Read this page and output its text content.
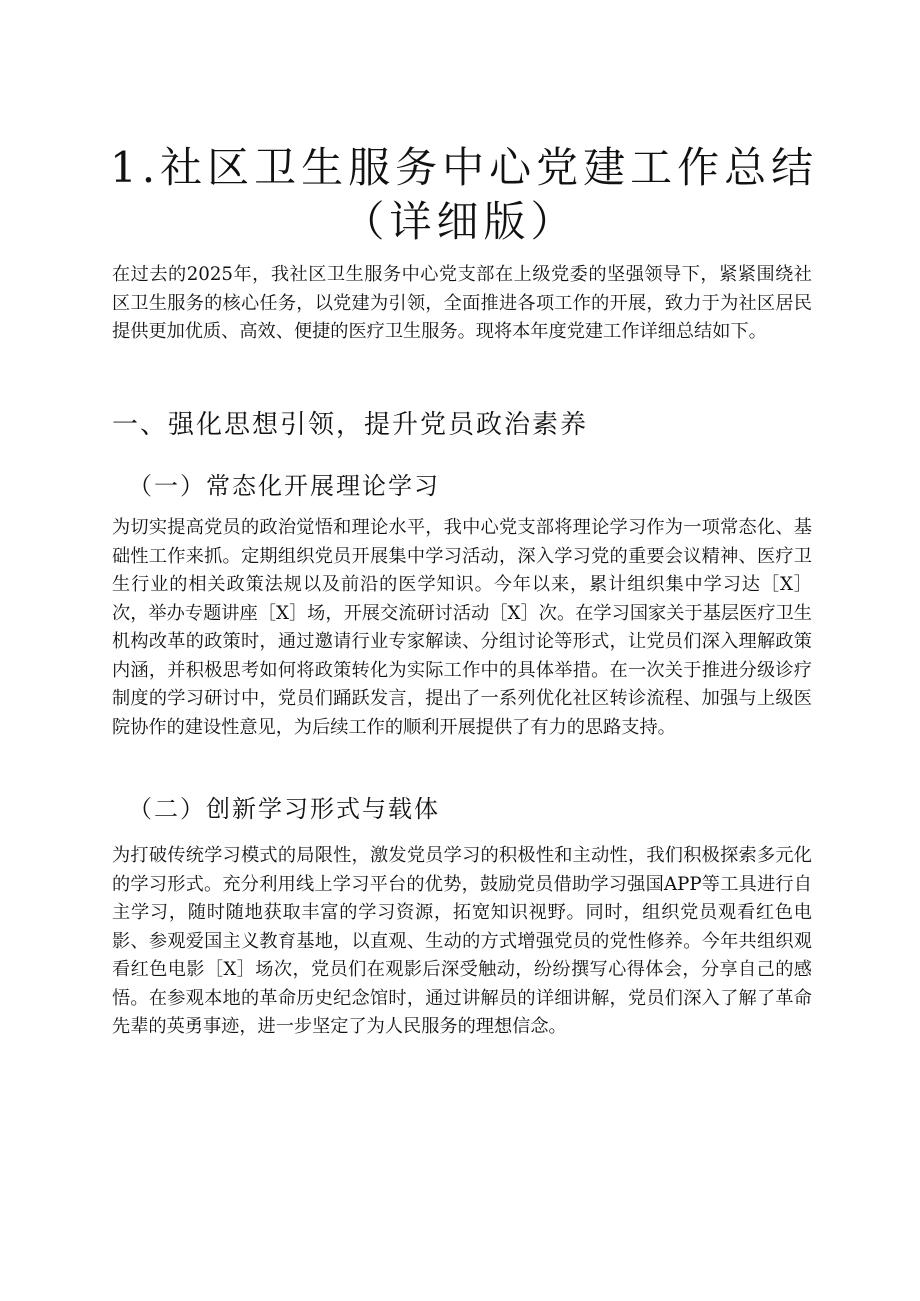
1.社区卫生服务中心党建工作总结
（详细版）

在过去的2025年，我社区卫生服务中心党支部在上级党委的坚强领导下，紧紧围绕社区卫生服务的核心任务，以党建为引领，全面推进各项工作的开展，致力于为社区居民提供更加优质、高效、便捷的医疗卫生服务。现将本年度党建工作详细总结如下。

一、强化思想引领，提升党员政治素养
（一）常态化开展理论学习

为切实提高党员的政治觉悟和理论水平，我中心党支部将理论学习作为一项常态化、基础性工作来抓。定期组织党员开展集中学习活动，深入学习党的重要会议精神、医疗卫生行业的相关政策法规以及前沿的医学知识。今年以来，累计组织集中学习达［X］次，举办专题讲座［X］场，开展交流研讨活动［X］次。在学习国家关于基层医疗卫生机构改革的政策时，通过邀请行业专家解读、分组讨论等形式，让党员们深入理解政策内涵，并积极思考如何将政策转化为实际工作中的具体举措。在一次关于推进分级诊疗制度的学习研讨中，党员们踊跃发言，提出了一系列优化社区转诊流程、加强与上级医院协作的建设性意见，为后续工作的顺利开展提供了有力的思路支持。

（二）创新学习形式与载体

为打破传统学习模式的局限性，激发党员学习的积极性和主动性，我们积极探索多元化的学习形式。充分利用线上学习平台的优势，鼓励党员借助学习强国APP等工具进行自主学习，随时随地获取丰富的学习资源，拓宽知识视野。同时，组织党员观看红色电影、参观爱国主义教育基地，以直观、生动的方式增强党员的党性修养。今年共组织观看红色电影［X］场次，党员们在观影后深受触动，纷纷撰写心得体会，分享自己的感悟。在参观本地的革命历史纪念馆时，通过讲解员的详细讲解，党员们深入了解了革命先辈的英勇事迹，进一步坚定了为人民服务的理想信念。
